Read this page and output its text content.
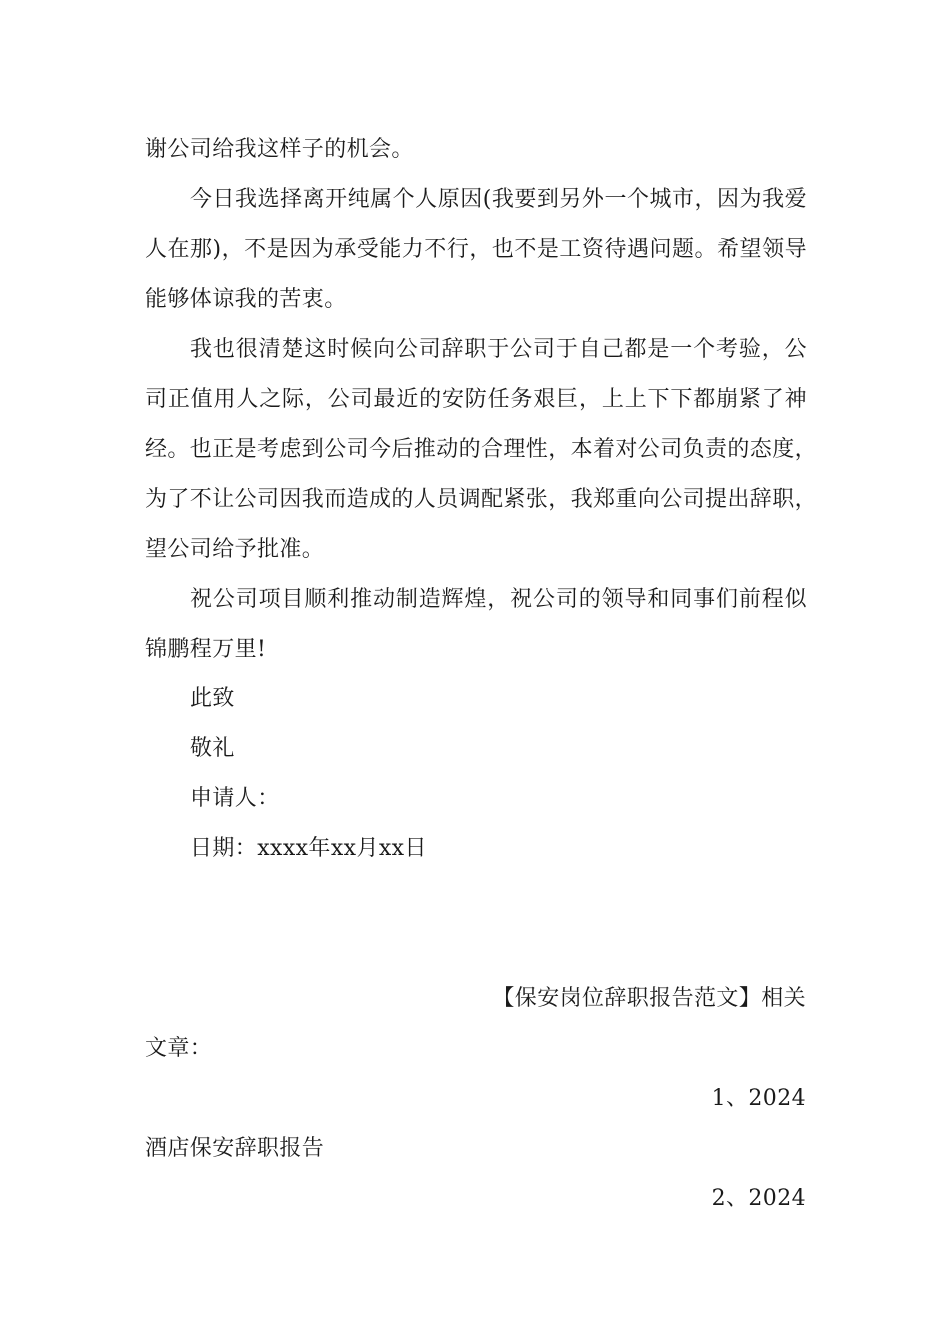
谢公司给我这样子的机会。
今日我选择离开纯属个人原因(我要到另外一个城市，因为我爱
人在那)，不是因为承受能力不行，也不是工资待遇问题。希望领导
能够体谅我的苦衷。
我也很清楚这时候向公司辞职于公司于自己都是一个考验，公
司正值用人之际，公司最近的安防任务艰巨，上上下下都崩紧了神
经。也正是考虑到公司今后推动的合理性，本着对公司负责的态度，
为了不让公司因我而造成的人员调配紧张，我郑重向公司提出辞职，
望公司给予批准。
祝公司项目顺利推动制造辉煌，祝公司的领导和同事们前程似
锦鹏程万里!
此致
敬礼
申请人：
日期：xxxx年xx月xx日
【保安岗位辞职报告范文】相关
文章：
1、2024
酒店保安辞职报告
2、2024
